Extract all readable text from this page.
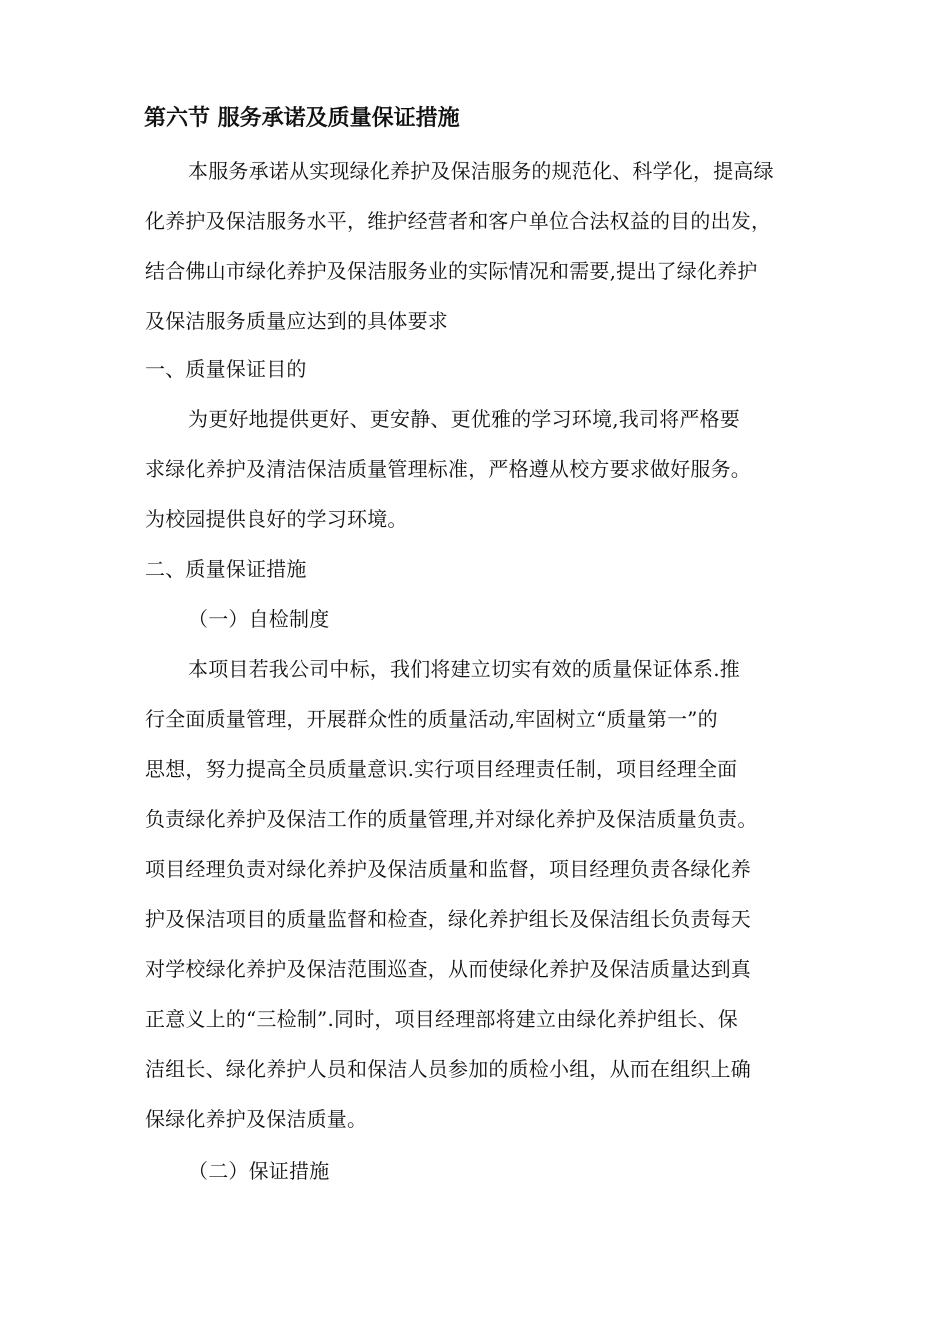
第六节 服务承诺及质量保证措施
本服务承诺从实现绿化养护及保洁服务的规范化、科学化，提高绿
化养护及保洁服务水平，维护经营者和客户单位合法权益的目的出发，
结合佛山市绿化养护及保洁服务业的实际情况和需要,提出了绿化养护
及保洁服务质量应达到的具体要求
一、质量保证目的
为更好地提供更好、更安静、更优雅的学习环境,我司将严格要
求绿化养护及清洁保洁质量管理标准，严格遵从校方要求做好服务。
为校园提供良好的学习环境。
二、质量保证措施
（一）自检制度
本项目若我公司中标，我们将建立切实有效的质量保证体系.推
行全面质量管理，开展群众性的质量活动,牢固树立“质量第一”的
思想，努力提高全员质量意识.实行项目经理责任制，项目经理全面
负责绿化养护及保洁工作的质量管理,并对绿化养护及保洁质量负责。
项目经理负责对绿化养护及保洁质量和监督，项目经理负责各绿化养
护及保洁项目的质量监督和检查，绿化养护组长及保洁组长负责每天
对学校绿化养护及保洁范围巡查，从而使绿化养护及保洁质量达到真
正意义上的“三检制”.同时，项目经理部将建立由绿化养护组长、保
洁组长、绿化养护人员和保洁人员参加的质检小组，从而在组织上确
保绿化养护及保洁质量。
（二）保证措施
